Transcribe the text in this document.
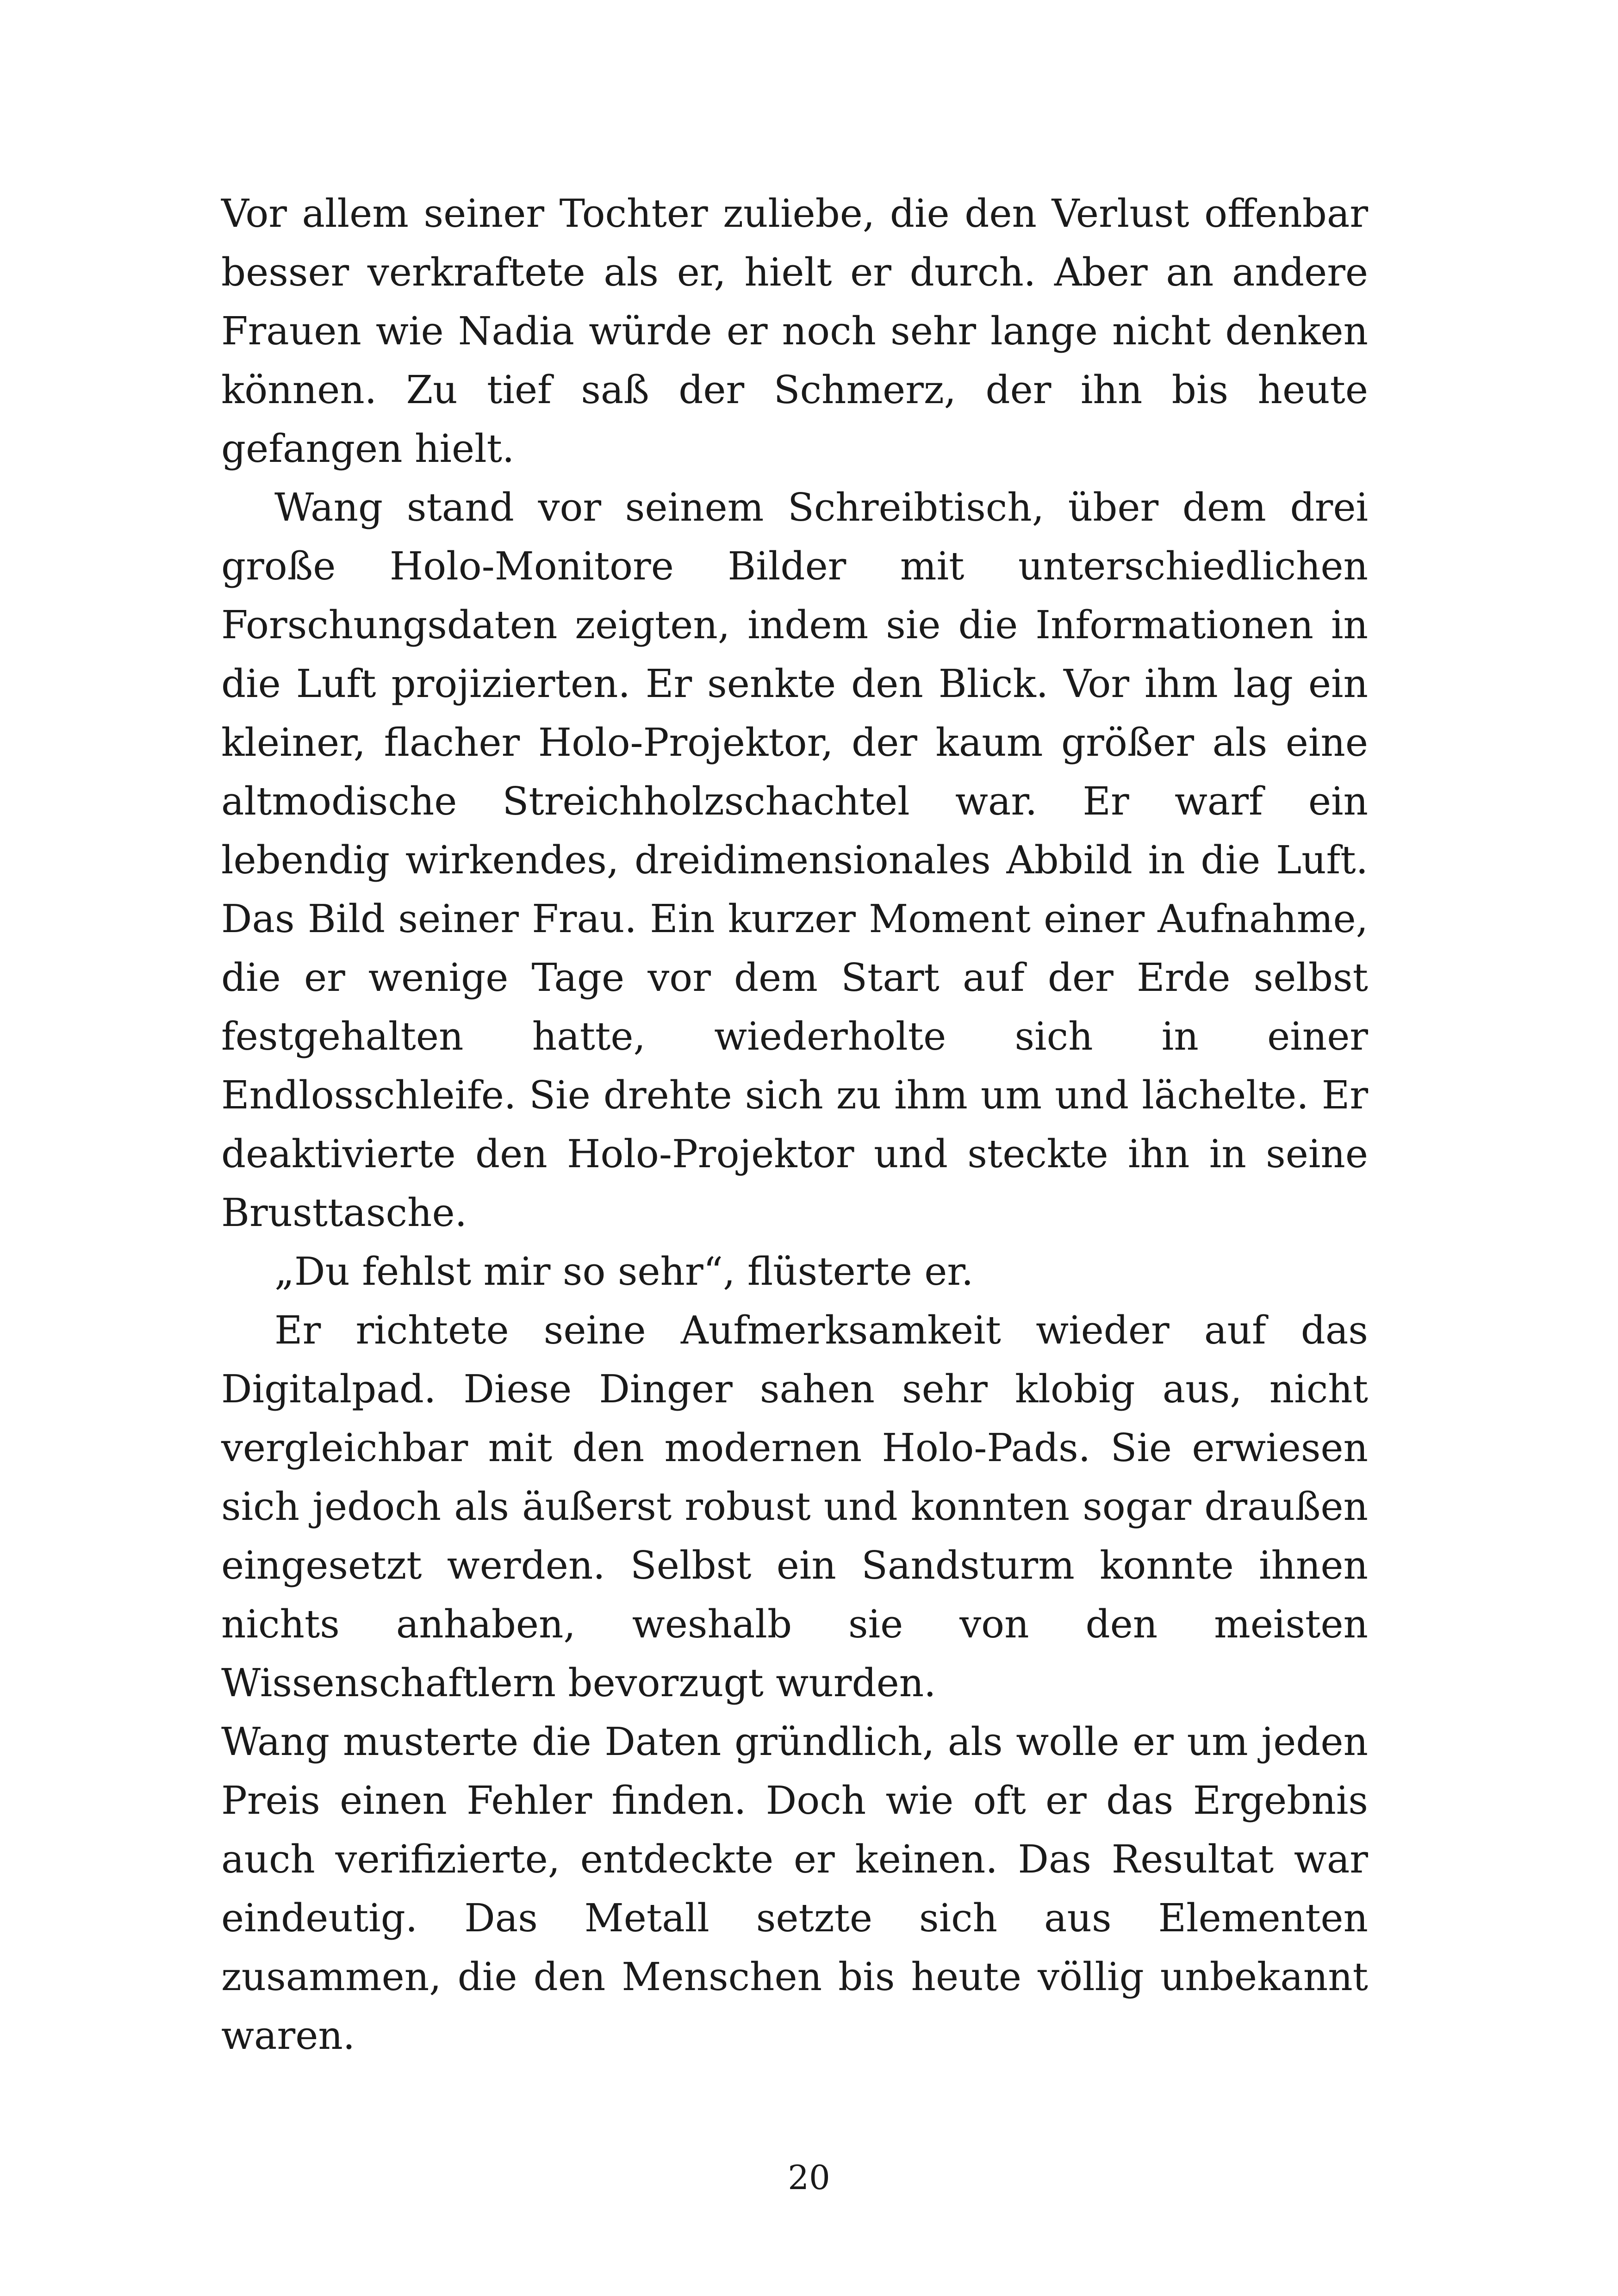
Vor allem seiner Tochter zuliebe, die den Verlust offenbar besser verkraftete als er, hielt er durch. Aber an andere Frauen wie Nadia würde er noch sehr lange nicht denken können. Zu tief saß der Schmerz, der ihn bis heute gefangen hielt.

Wang stand vor seinem Schreibtisch, über dem drei große Holo-Monitore Bilder mit unterschiedlichen Forschungsdaten zeigten, indem sie die Informationen in die Luft projizierten. Er senkte den Blick. Vor ihm lag ein kleiner, flacher Holo-Projektor, der kaum größer als eine altmodische Streichholzschachtel war. Er warf ein lebendig wirkendes, dreidimensionales Abbild in die Luft. Das Bild seiner Frau. Ein kurzer Moment einer Aufnahme, die er wenige Tage vor dem Start auf der Erde selbst festgehalten hatte, wiederholte sich in einer Endlosschleife. Sie drehte sich zu ihm um und lächelte. Er deaktivierte den Holo-Projektor und steckte ihn in seine Brusttasche.

„Du fehlst mir so sehr“, flüsterte er.

Er richtete seine Aufmerksamkeit wieder auf das Digitalpad. Diese Dinger sahen sehr klobig aus, nicht vergleichbar mit den modernen Holo-Pads. Sie erwiesen sich jedoch als äußerst robust und konnten sogar draußen eingesetzt werden. Selbst ein Sandsturm konnte ihnen nichts anhaben, weshalb sie von den meisten Wissenschaftlern bevorzugt wurden.

Wang musterte die Daten gründlich, als wolle er um jeden Preis einen Fehler finden. Doch wie oft er das Ergebnis auch verifizierte, entdeckte er keinen. Das Resultat war eindeutig. Das Metall setzte sich aus Elementen zusammen, die den Menschen bis heute völlig unbekannt waren.

20
